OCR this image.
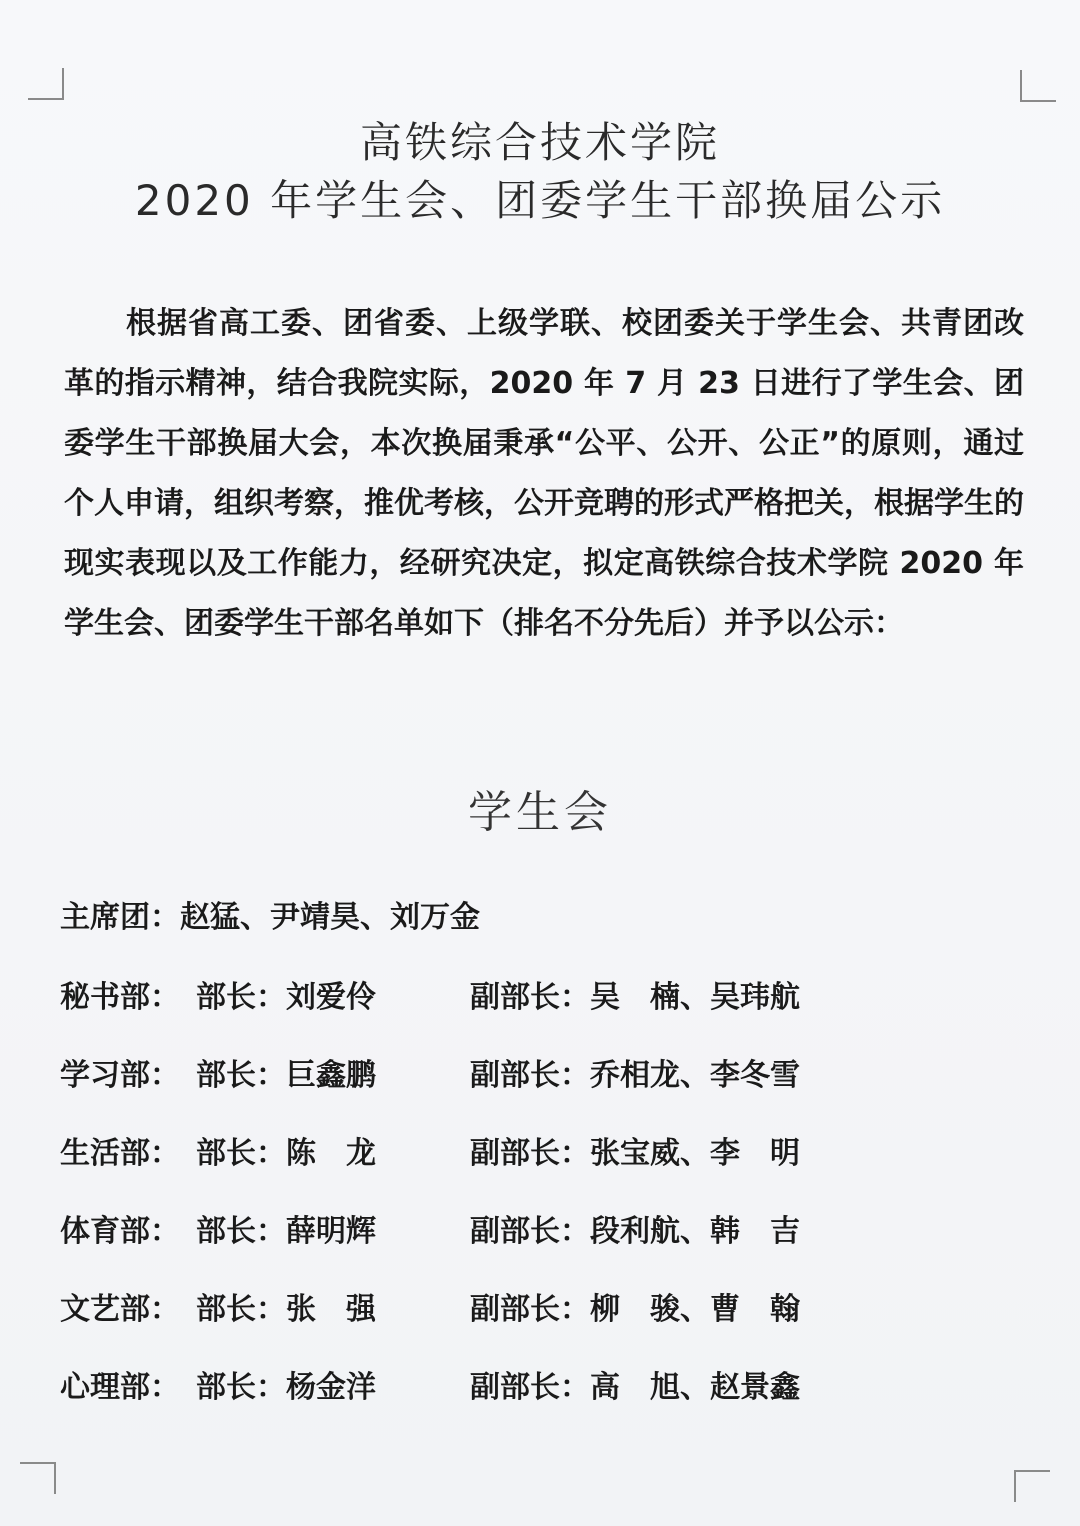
高铁综合技术学院
2020 年学生会、团委学生干部换届公示

根据省高工委、团省委、上级学联、校团委关于学生会、共青团改革的指示精神，结合我院实际，2020 年 7 月 23 日进行了学生会、团委学生干部换届大会，本次换届秉承“公平、公开、公正”的原则，通过个人申请，组织考察，推优考核，公开竞聘的形式严格把关，根据学生的现实表现以及工作能力，经研究决定，拟定高铁综合技术学院 2020 年学生会、团委学生干部名单如下（排名不分先后）并予以公示：

学生会
主席团：赵猛、尹靖昊、刘万金
秘书部： 部长：刘爱伶	副部长：吴　楠、吴玮航
学习部： 部长：巨鑫鹏	副部长：乔相龙、李冬雪
生活部： 部长：陈　龙	副部长：张宝威、李　明
体育部： 部长：薛明辉	副部长：段利航、韩　吉
文艺部： 部长：张　强	副部长：柳　骏、曹　翰
心理部： 部长：杨金洋	副部长：高　旭、赵景鑫
